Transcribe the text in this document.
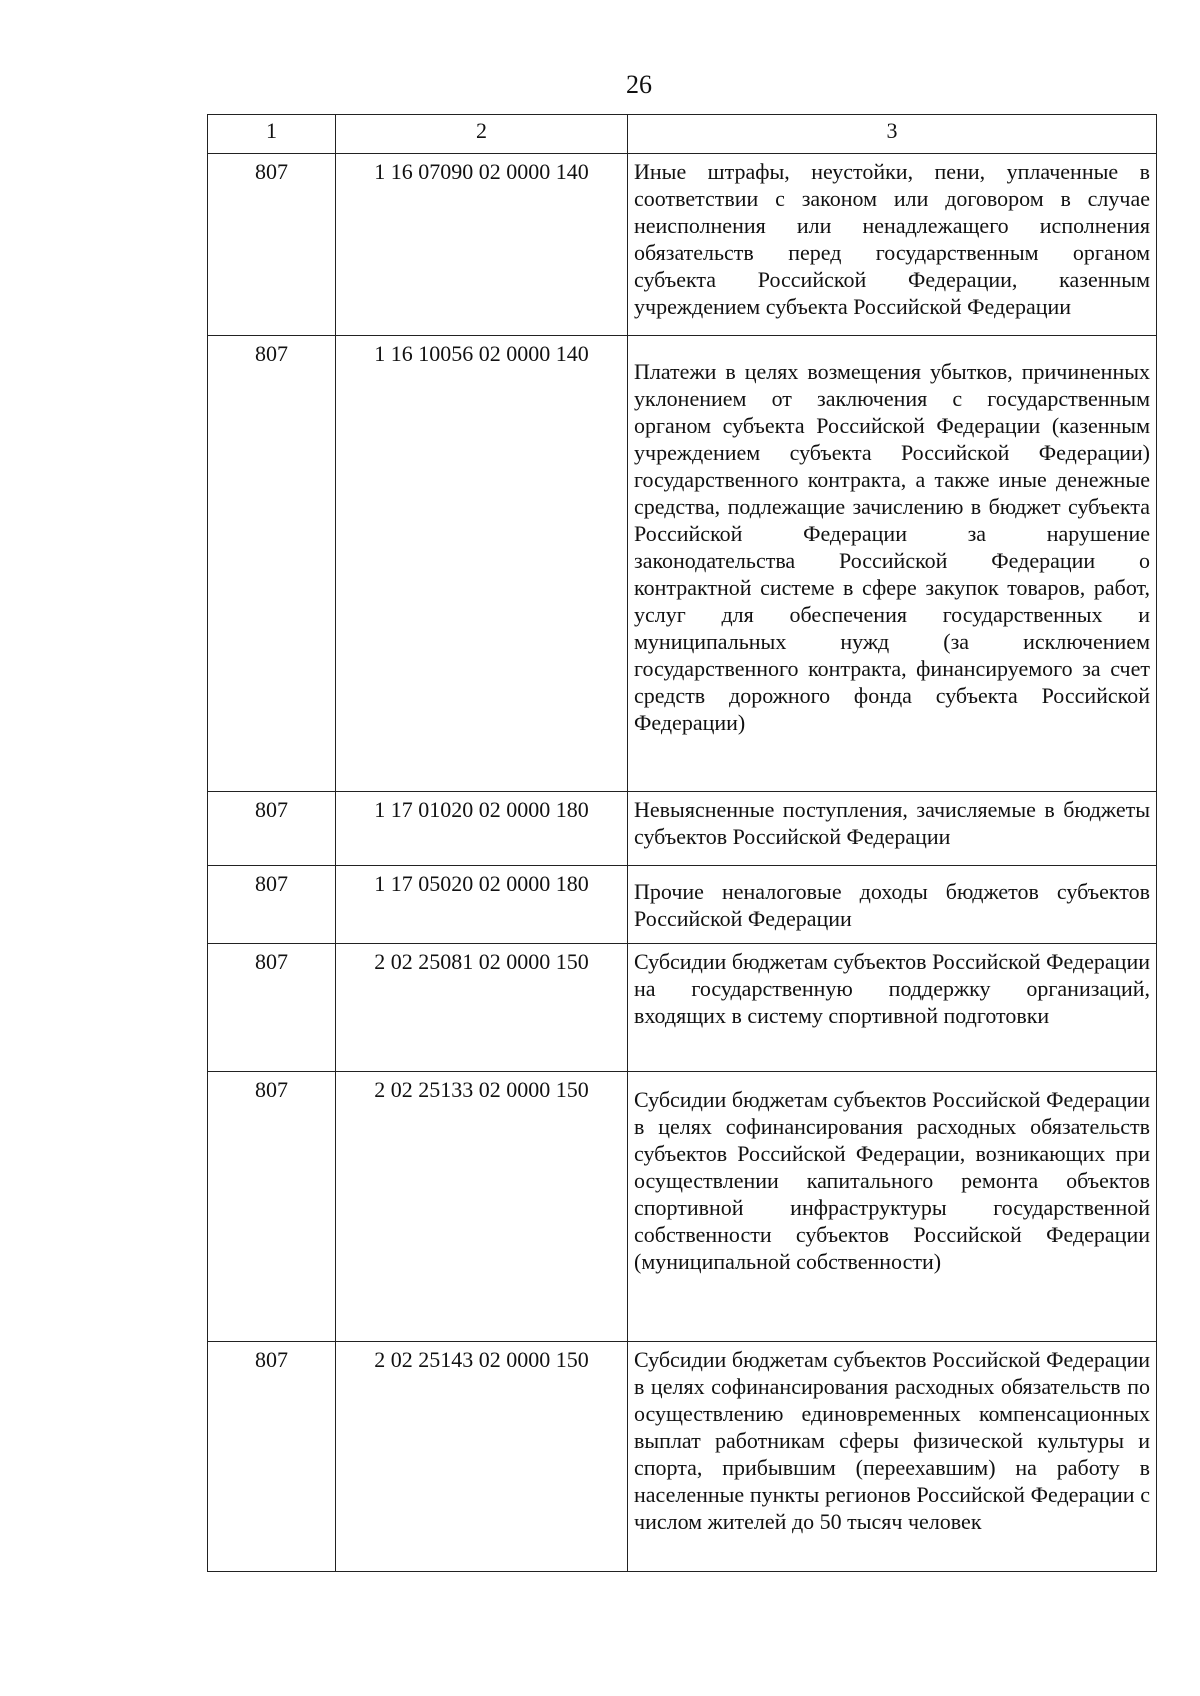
26
1	2	3
807	1 16 07090 02 0000 140	Иные штрафы, неустойки, пени, уплаченные в соответствии с законом или договором в случае неисполнения или ненадлежащего исполнения обязательств перед государственным органом субъекта Российской Федерации, казенным учреждением субъекта Российской Федерации
807	1 16 10056 02 0000 140	Платежи в целях возмещения убытков, причиненных уклонением от заключения с государственным органом субъекта Российской Федерации (казенным учреждением субъекта Российской Федерации) государственного контракта, а также иные денежные средства, подлежащие зачислению в бюджет субъекта Российской Федерации за нарушение законодательства Российской Федерации о контрактной системе в сфере закупок товаров, работ, услуг для обеспечения государственных и муниципальных нужд (за исключением государственного контракта, финансируемого за счет средств дорожного фонда субъекта Российской Федерации)
807	1 17 01020 02 0000 180	Невыясненные поступления, зачисляемые в бюджеты субъектов Российской Федерации
807	1 17 05020 02 0000 180	Прочие неналоговые доходы бюджетов субъектов Российской Федерации
807	2 02 25081 02 0000 150	Субсидии бюджетам субъектов Российской Федерации на государственную поддержку организаций, входящих в систему спортивной подготовки
807	2 02 25133 02 0000 150	Субсидии бюджетам субъектов Российской Федерации в целях софинансирования расходных обязательств субъектов Российской Федерации, возникающих при осуществлении капитального ремонта объектов спортивной инфраструктуры государственной собственности субъектов Российской Федерации (муниципальной собственности)
807	2 02 25143 02 0000 150	Субсидии бюджетам субъектов Российской Федерации в целях софинансирования расходных обязательств по осуществлению единовременных компенсационных выплат работникам сферы физической культуры и спорта, прибывшим (переехавшим) на работу в населенные пункты регионов Российской Федерации с числом жителей до 50 тысяч человек
